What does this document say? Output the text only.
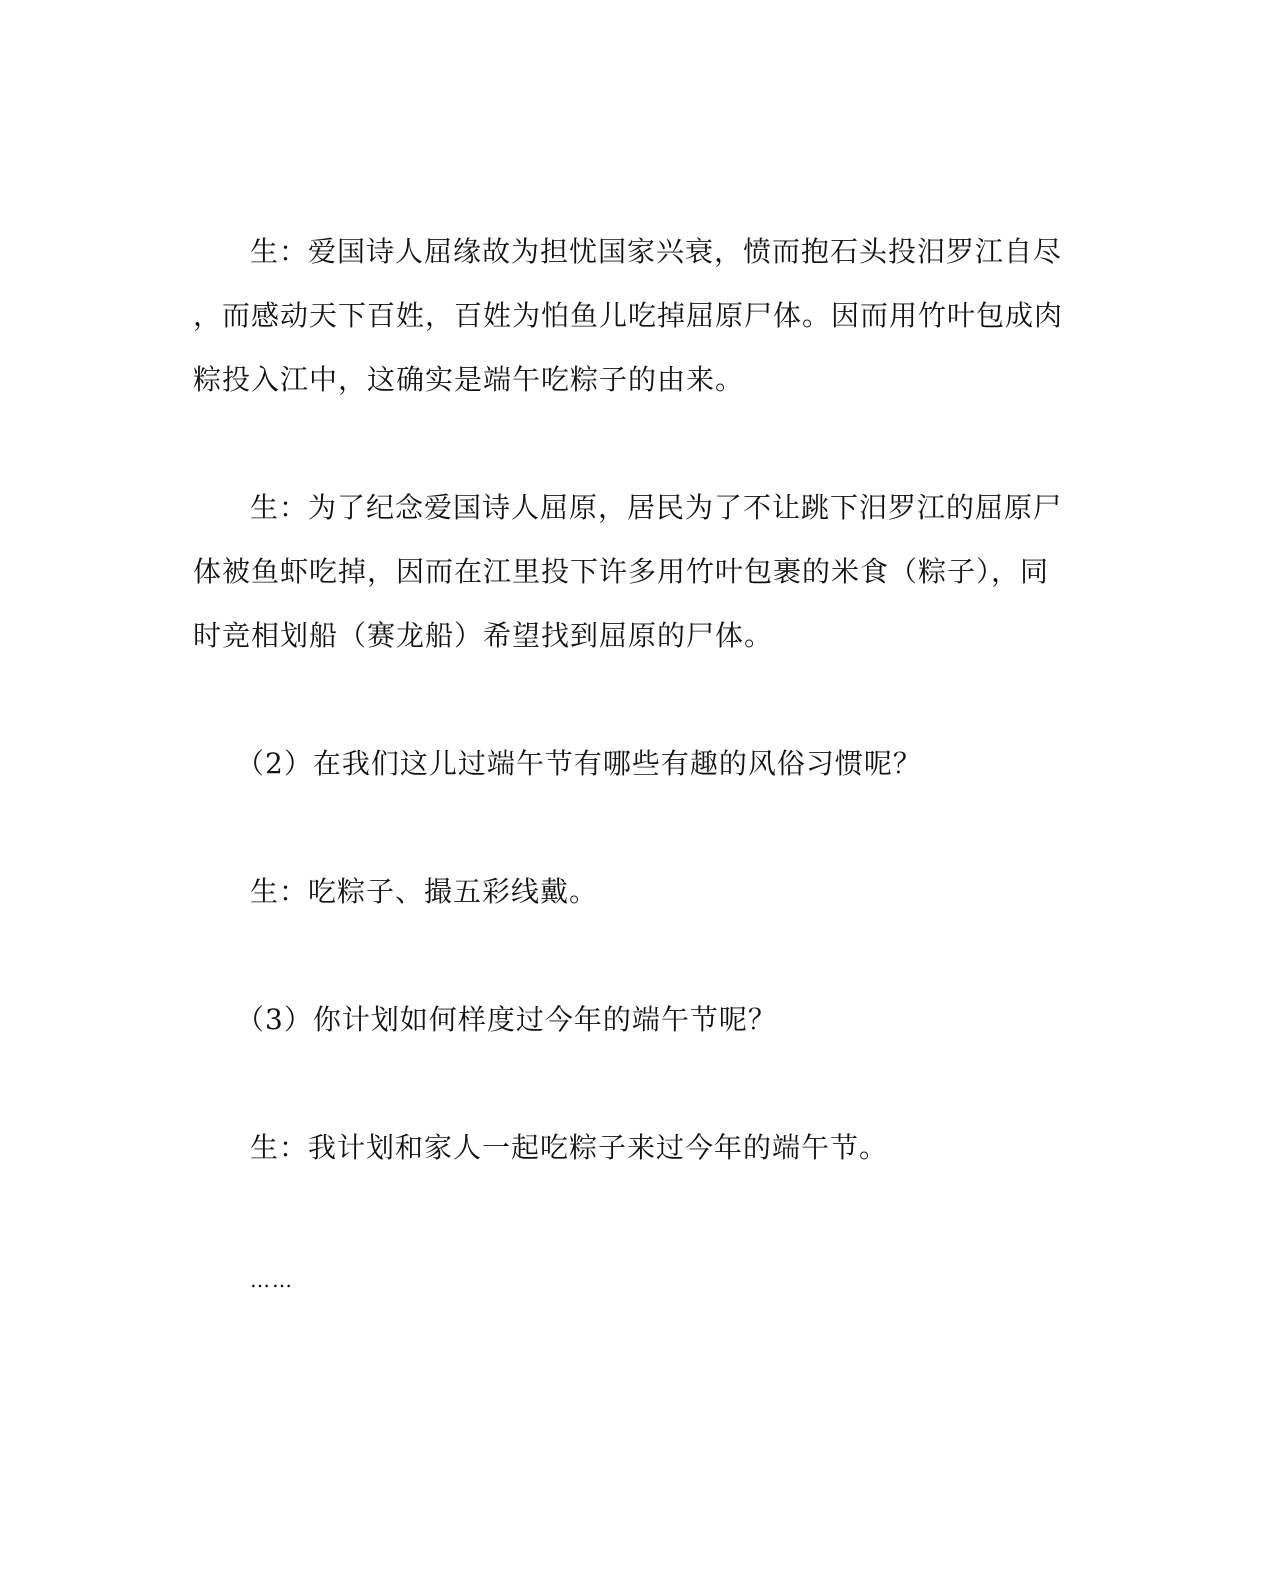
生：爱国诗人屈缘故为担忧国家兴衰，愤而抱石头投汨罗江自尽
，而感动天下百姓，百姓为怕鱼儿吃掉屈原尸体。因而用竹叶包成肉
粽投入江中，这确实是端午吃粽子的由来。
生：为了纪念爱国诗人屈原，居民为了不让跳下汨罗江的屈原尸
体被鱼虾吃掉，因而在江里投下许多用竹叶包裹的米食（粽子），同
时竞相划船（赛龙船）希望找到屈原的尸体。
（2）在我们这儿过端午节有哪些有趣的风俗习惯呢？
生：吃粽子、撮五彩线戴。
（3）你计划如何样度过今年的端午节呢？
生：我计划和家人一起吃粽子来过今年的端午节。
……
